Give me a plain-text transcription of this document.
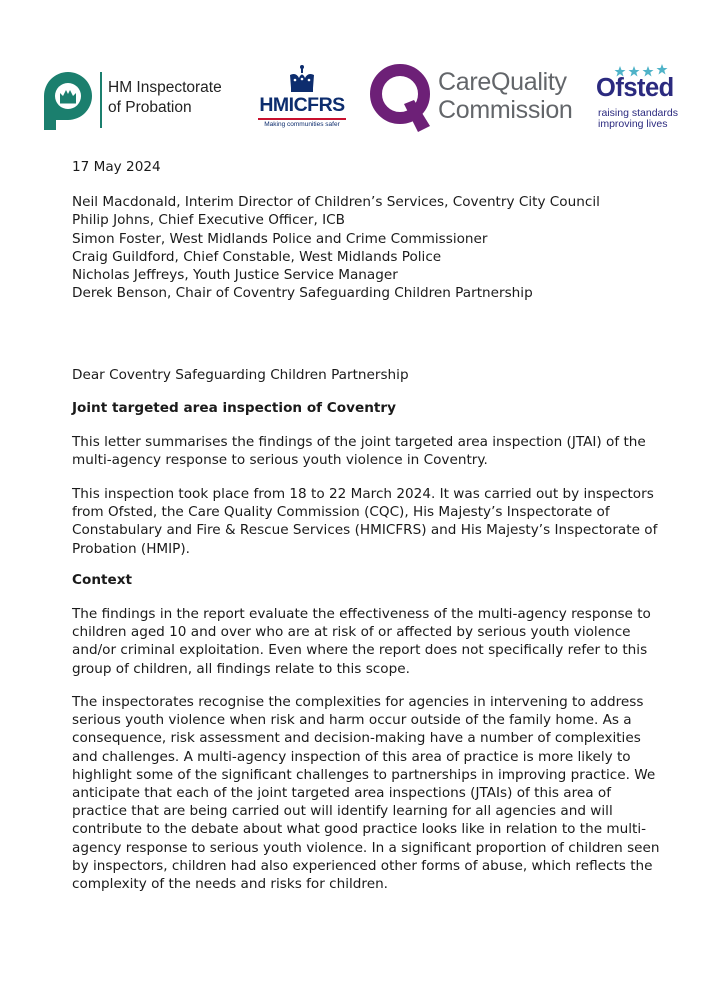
HM Inspectorate
of Probation	HMICFRS
Making communities safer
CareQuality
Commission
Ofsted
raising standards
improving lives
17 May 2024
Neil Macdonald, Interim Director of Children’s Services, Coventry City Council
Philip Johns, Chief Executive Officer, ICB
Simon Foster, West Midlands Police and Crime Commissioner
Craig Guildford, Chief Constable, West Midlands Police
Nicholas Jeffreys, Youth Justice Service Manager
Derek Benson, Chair of Coventry Safeguarding Children Partnership
Dear Coventry Safeguarding Children Partnership
Joint targeted area inspection of Coventry
This letter summarises the findings of the joint targeted area inspection (JTAI) of the multi-agency response to serious youth violence in Coventry.
This inspection took place from 18 to 22 March 2024. It was carried out by inspectors from Ofsted, the Care Quality Commission (CQC), His Majesty’s Inspectorate of Constabulary and Fire & Rescue Services (HMICFRS) and His Majesty’s Inspectorate of Probation (HMIP).
Context
The findings in the report evaluate the effectiveness of the multi-agency response to children aged 10 and over who are at risk of or affected by serious youth violence and/or criminal exploitation. Even where the report does not specifically refer to this group of children, all findings relate to this scope.
The inspectorates recognise the complexities for agencies in intervening to address serious youth violence when risk and harm occur outside of the family home. As a consequence, risk assessment and decision-making have a number of complexities and challenges. A multi-agency inspection of this area of practice is more likely to highlight some of the significant challenges to partnerships in improving practice. We anticipate that each of the joint targeted area inspections (JTAIs) of this area of practice that are being carried out will identify learning for all agencies and will contribute to the debate about what good practice looks like in relation to the multi-agency response to serious youth violence. In a significant proportion of children seen by inspectors, children had also experienced other forms of abuse, which reflects the complexity of the needs and risks for children.
